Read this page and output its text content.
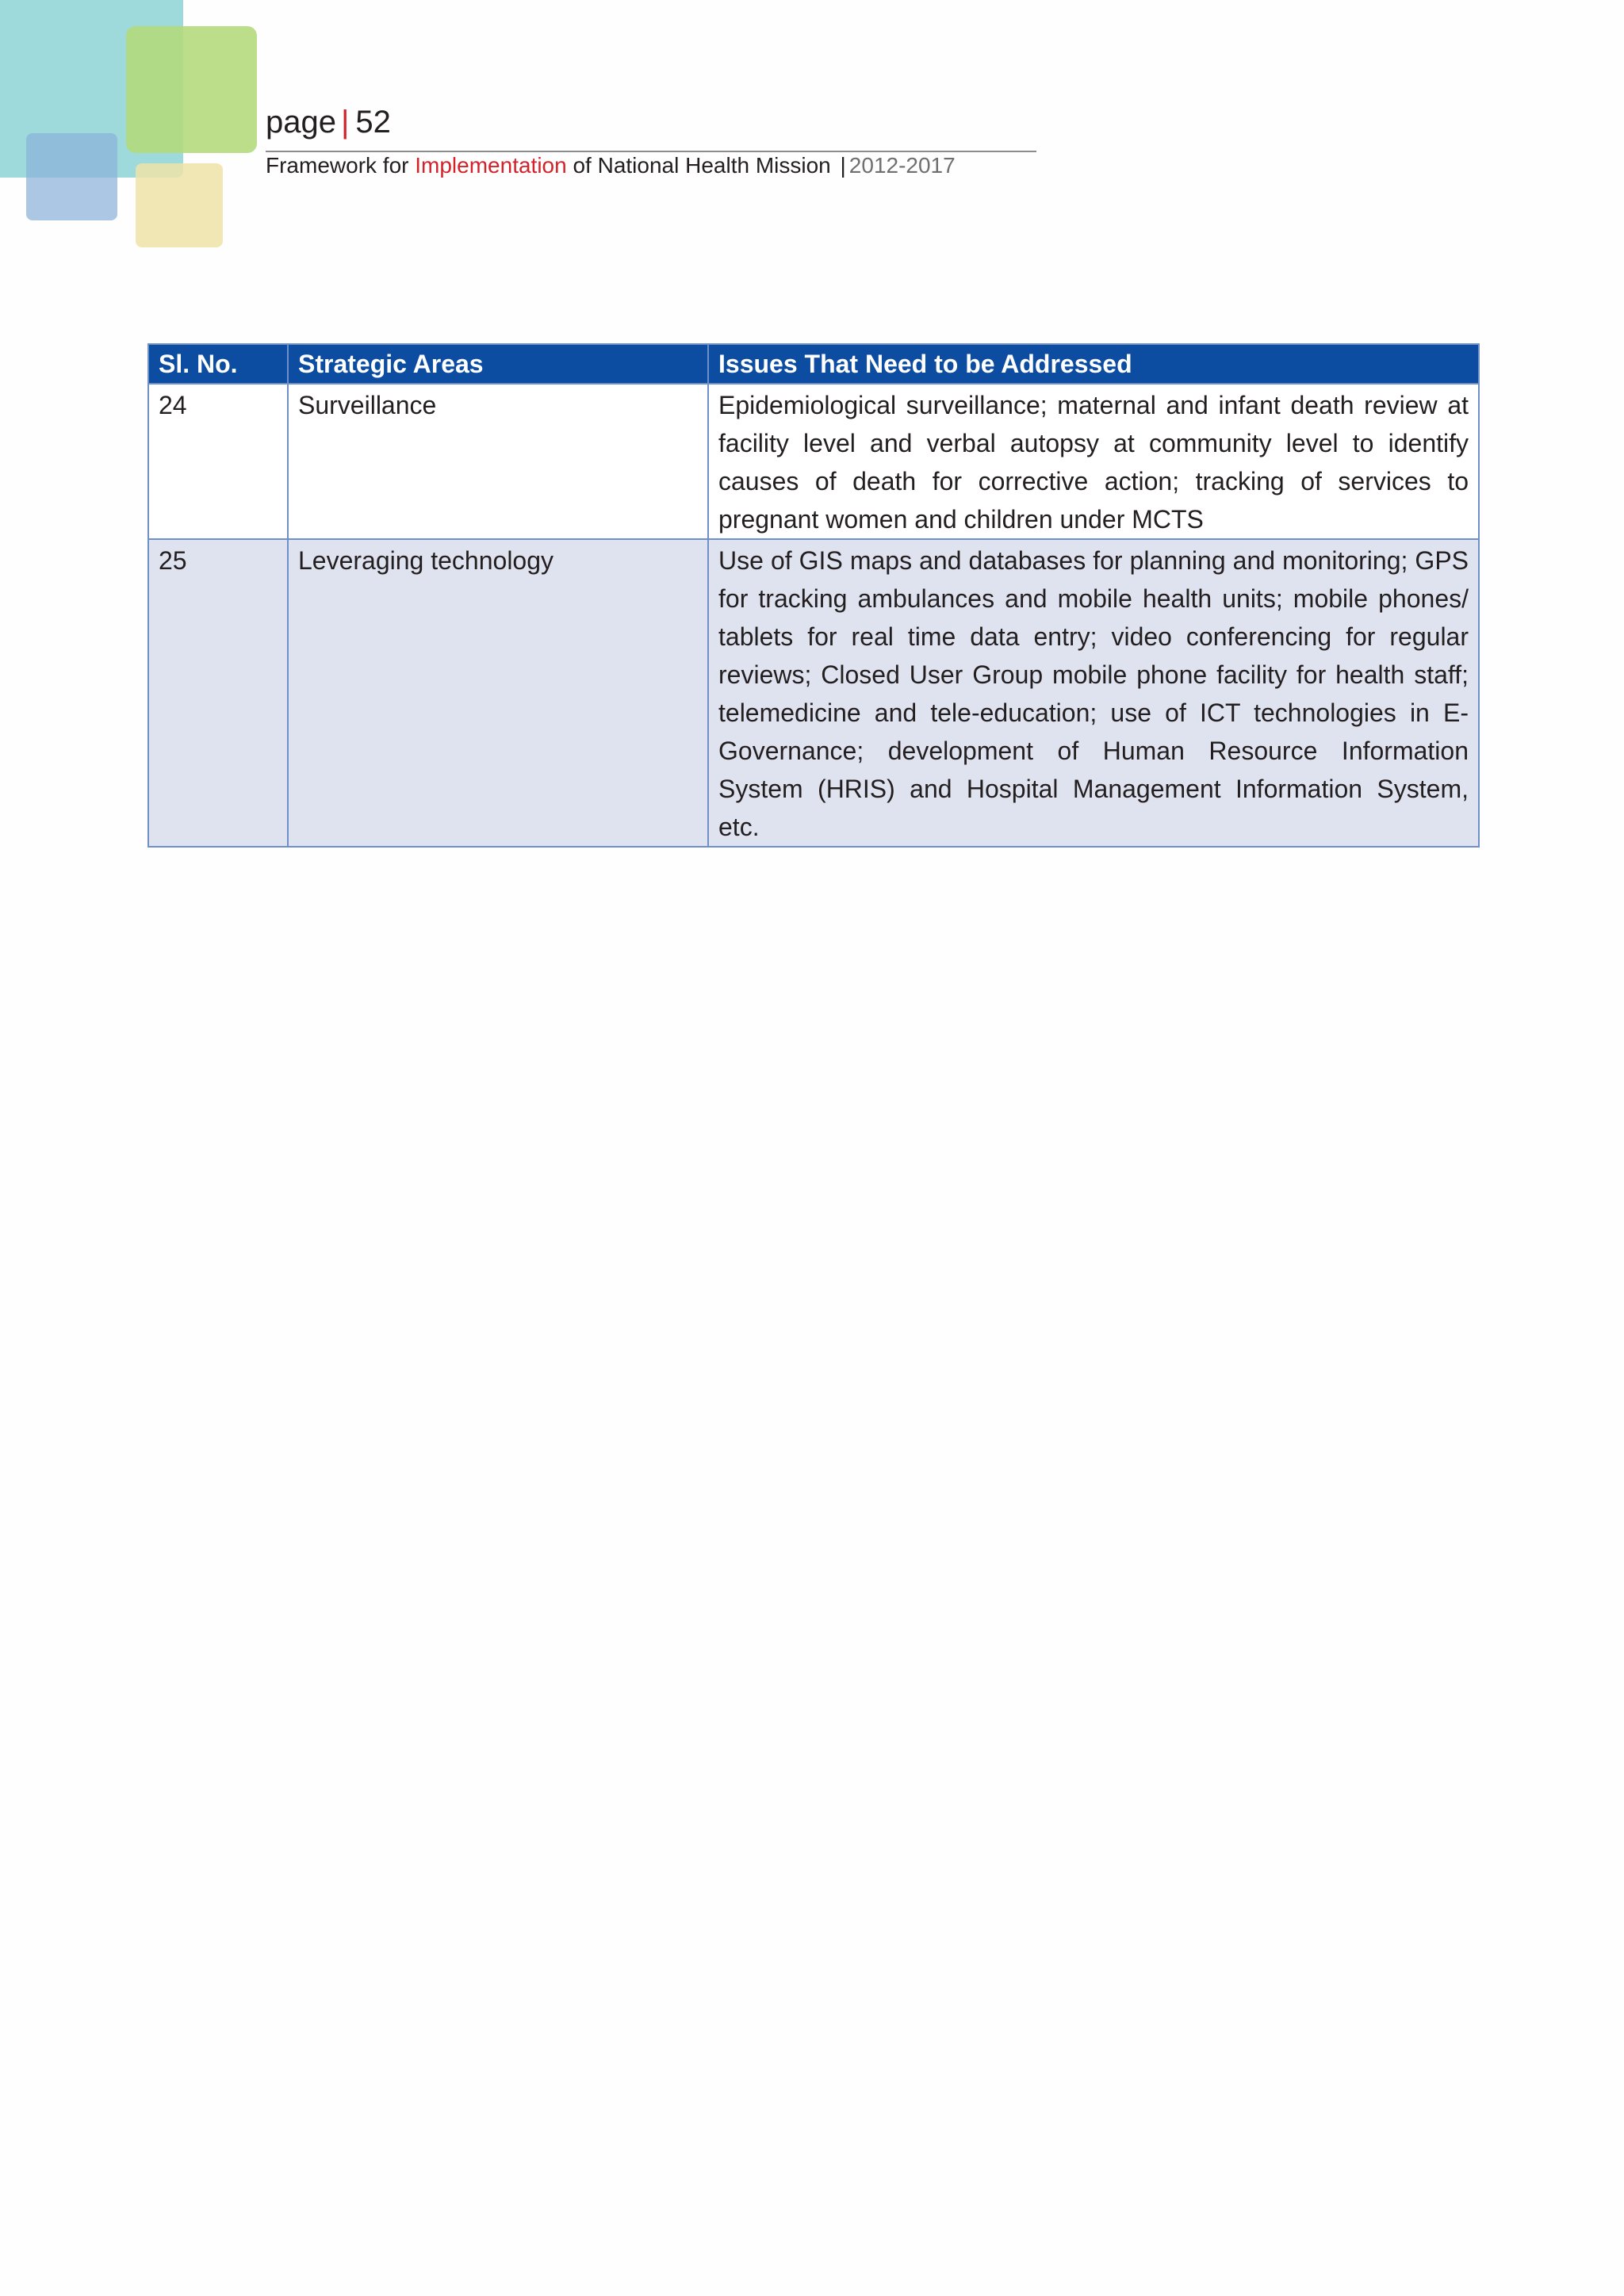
page | 52
Framework for Implementation of National Health Mission | 2012-2017
Sl. No.	Strategic Areas	Issues That Need to be Addressed
24	Surveillance	Epidemiological surveillance; maternal and infant death review at facility level and verbal autopsy at community level to identify causes of death for corrective action; tracking of services to pregnant women and children under MCTS
25	Leveraging technology	Use of GIS maps and databases for planning and monitoring; GPS for tracking ambulances and mobile health units; mobile phones/ tablets for real time data entry; video conferencing for regular reviews; Closed User Group mobile phone facility for health staff; telemedicine and tele-education; use of ICT technologies in E-Governance; development of Human Resource Information System (HRIS) and Hospital Management Information System, etc.
